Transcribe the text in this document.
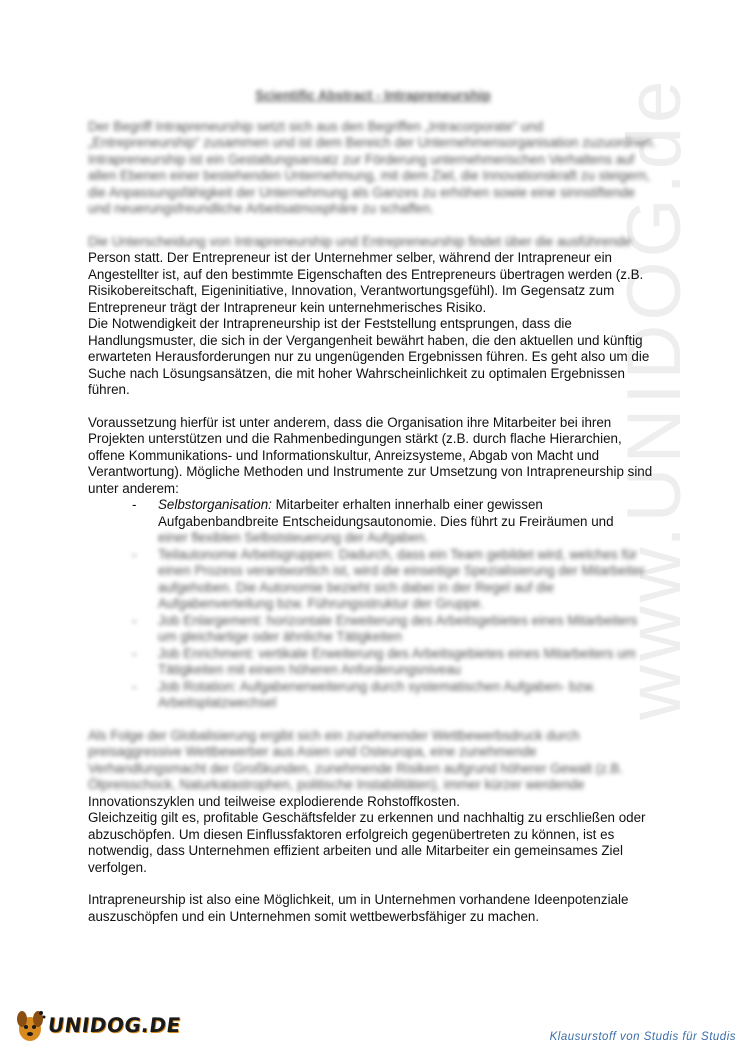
www.UNIDOG.de
Scientific Abstract - Intrapreneurship

Der Begriff Intrapreneurship setzt sich aus den Begriffen „Intracorporate“ und „Entrepreneurship“ zusammen und ist dem Bereich der Unternehmensorganisation zuzuordnen.

Intrapreneurship ist ein Gestaltungsansatz zur Förderung unternehmerischen Verhaltens auf allen Ebenen einer bestehenden Unternehmung, mit dem Ziel, die Innovationskraft zu steigern, die Anpassungsfähigkeit der Unternehmung als Ganzes zu erhöhen sowie eine sinnstiftende und neuerungsfreundliche Arbeitsatmosphäre zu schaffen.

Die Unterscheidung von Intrapreneurship und Entrepreneurship findet über die ausführende Person statt. Der Entrepreneur ist der Unternehmer selber, während der Intrapreneur ein Angestellter ist, auf den bestimmte Eigenschaften des Entrepreneurs übertragen werden (z.B. Risikobereitschaft, Eigeninitiative, Innovation, Verantwortungsgefühl). Im Gegensatz zum Entrepreneur trägt der Intrapreneur kein unternehmerisches Risiko.

Die Notwendigkeit der Intrapreneurship ist der Feststellung entsprungen, dass die Handlungsmuster, die sich in der Vergangenheit bewährt haben, die den aktuellen und künftig erwarteten Herausforderungen nur zu ungenügenden Ergebnissen führen. Es geht also um die Suche nach Lösungsansätzen, die mit hoher Wahrscheinlichkeit zu optimalen Ergebnissen führen.

Voraussetzung hierfür ist unter anderem, dass die Organisation ihre Mitarbeiter bei ihren Projekten unterstützen und die Rahmenbedingungen stärkt (z.B. durch flache Hierarchien, offene Kommunikations- und Informationskultur, Anreizsysteme, Abgab von Macht und Verantwortung). Mögliche Methoden und Instrumente zur Umsetzung von Intrapreneurship sind unter anderem:

- Selbstorganisation: Mitarbeiter erhalten innerhalb einer gewissen Aufgabenbandbreite Entscheidungsautonomie. Dies führt zu Freiräumen und einer flexiblen Selbststeuerung der Aufgaben.
- Teilautonome Arbeitsgruppen: Dadurch, dass ein Team gebildet wird, welches für einen Prozess verantwortlich ist, wird die einseitige Spezialisierung der Mitarbeiter aufgehoben. Die Autonomie bezieht sich dabei in der Regel auf die Aufgabenverteilung bzw. Führungsstruktur der Gruppe.
- Job Enlargement: horizontale Erweiterung des Arbeitsgebietes eines Mitarbeiters um gleichartige oder ähnliche Tätigkeiten
- Job Enrichment: vertikale Erweiterung des Arbeitsgebietes eines Mitarbeiters um Tätigkeiten mit einem höheren Anforderungsniveau
- Job Rotation: Aufgabenerweiterung durch systematischen Aufgaben- bzw. Arbeitsplatzwechsel

Als Folge der Globalisierung ergibt sich ein zunehmender Wettbewerbsdruck durch preisaggressive Wettbewerber aus Asien und Osteuropa, eine zunehmende Verhandlungsmacht der Großkunden, zunehmende Risiken aufgrund höherer Gewalt (z.B. Ölpreisschock, Naturkatastrophen, politische Instabilitäten), immer kürzer werdende Innovationszyklen und teilweise explodierende Rohstoffkosten.

Gleichzeitig gilt es, profitable Geschäftsfelder zu erkennen und nachhaltig zu erschließen oder abzuschöpfen. Um diesen Einflussfaktoren erfolgreich gegenübertreten zu können, ist es notwendig, dass Unternehmen effizient arbeiten und alle Mitarbeiter ein gemeinsames Ziel verfolgen.

Intrapreneurship ist also eine Möglichkeit, um in Unternehmen vorhandene Ideenpotenziale auszuschöpfen und ein Unternehmen somit wettbewerbsfähiger zu machen.

UNIDOG.DE	Klausurstoff von Studis für Studis
